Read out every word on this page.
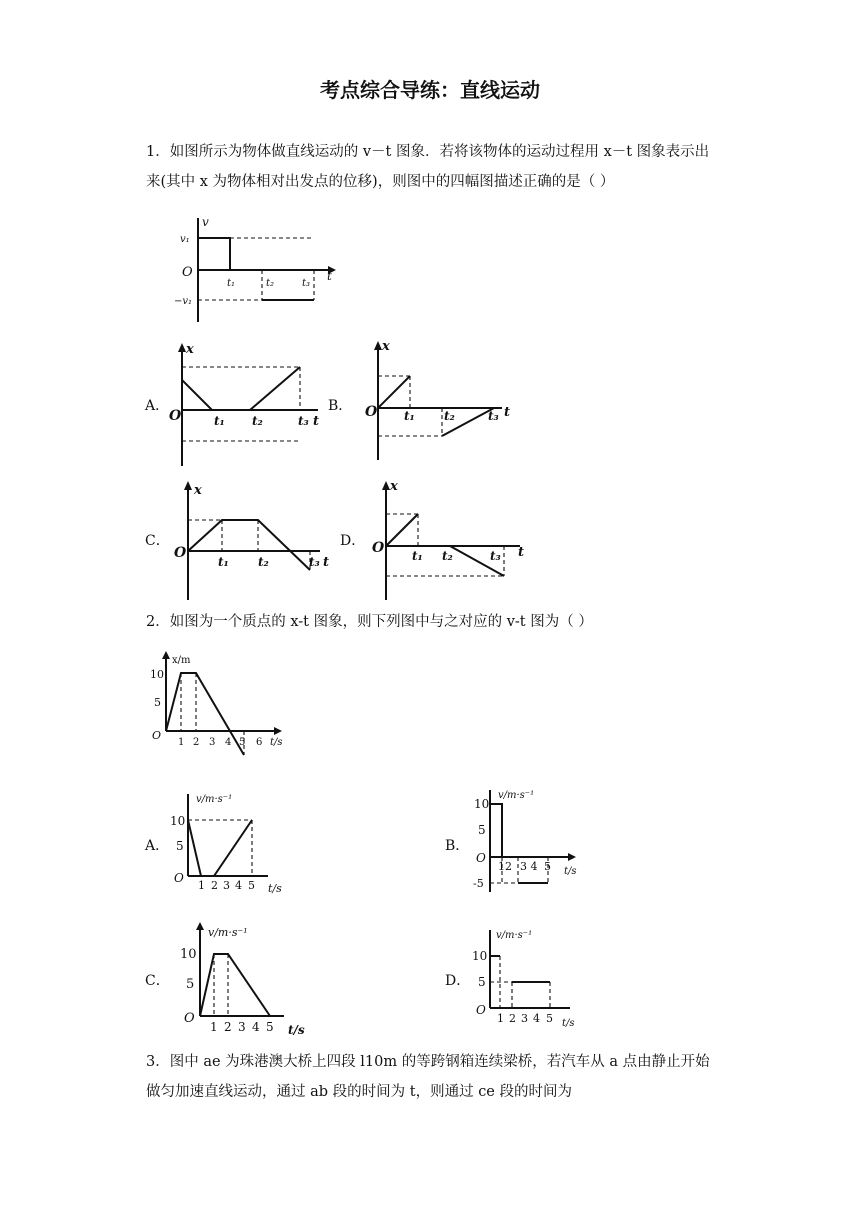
考点综合导练：直线运动
1．如图所示为物体做直线运动的 v－t 图象．若将该物体的运动过程用 x－t 图象表示出
来(其中 x 为物体相对出发点的位移)，则图中的四幅图描述正确的是（ ）
v
v₁
O	t
t₁	t₂	t₃
−v₁
A．
x
O	t₁ t₂	t₃ t
B．
x
O t₁ t₂	t₃ t
C．
x
O
t₁ t₂	t₃ t
D．
x
O t₁ t₂	t₃ t
2．如图为一个质点的 x-t 图象，则下列图中与之对应的 v-t 图为（ ）
x/m
10
5
O
1 2 3 4 5 6 t/s
A．
v/m·s⁻¹
10
5
O
1 2 3 4 5 t/s
B．
v/m·s⁻¹
10
5
O
-5
12 3 4 5 t/s
C．
v/m·s⁻¹
10
5
O
1 2 3 4 5 t/s
D．
v/m·s⁻¹
10
5
O
1 2 3 4 5 t/s
3．图中 ae 为珠港澳大桥上四段 l10m 的等跨钢箱连续梁桥，若汽车从 a 点由静止开始
做匀加速直线运动，通过 ab 段的时间为 t，则通过 ce 段的时间为
